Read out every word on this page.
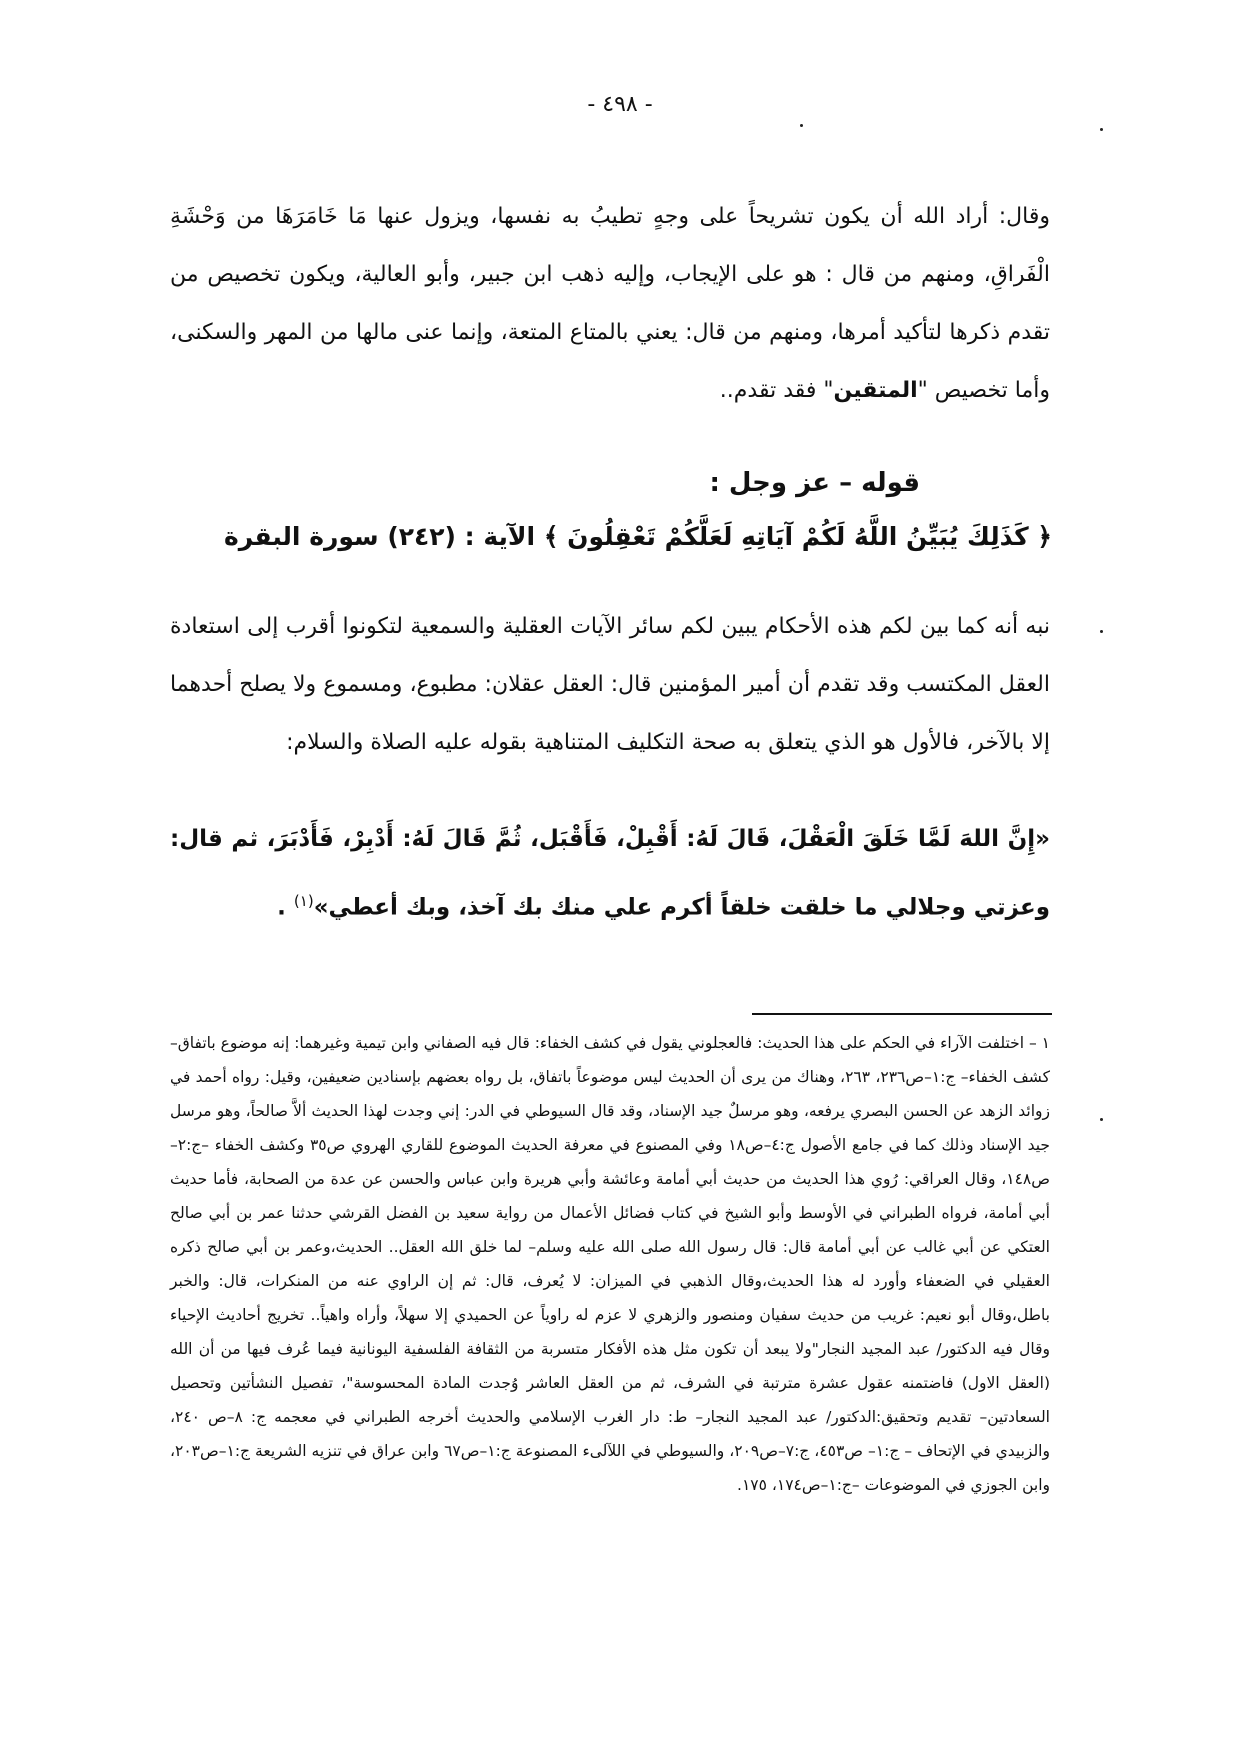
- ٤٩٨ -
وقال: أراد الله أن يكون تشريحاً على وجهٍ تطيبُ به نفسها، ويزول عنها مَا خَامَرَهَا من وَحْشَةِ الْفَراقِ، ومنهم من قال : هو على الإيجاب، وإليه ذهب ابن جبير، وأبو العالية، ويكون تخصيص من تقدم ذكرها لتأكيد أمرها، ومنهم من قال: يعني بالمتاع المتعة، وإنما عنى مالها من المهر والسكنى، وأما تخصيص "المتقين" فقد تقدم..
قوله – عز وجل :
﴿ كَذَلِكَ يُبَيِّنُ اللَّهُ لَكُمْ آيَاتِهِ لَعَلَّكُمْ تَعْقِلُونَ ﴾ الآية : (٢٤٢) سورة البقرة
نبه أنه كما بين لكم هذه الأحكام يبين لكم سائر الآيات العقلية والسمعية لتكونوا أقرب إلى استعادة العقل المكتسب وقد تقدم أن أمير المؤمنين قال: العقل عقلان: مطبوع، ومسموع ولا يصلح أحدهما إلا بالآخر، فالأول هو الذي يتعلق به صحة التكليف المتناهية بقوله عليه الصلاة والسلام:
«إِنَّ اللهَ لَمَّا خَلَقَ الْعَقْلَ، قَالَ لَهُ: أَقْبِلْ، فَأَقْبَل، ثُمَّ قَالَ لَهُ: أَدْبِرْ، فَأَدْبَرَ، ثم قال: وعزتي وجلالي ما خلقت خلقاً أكرم علي منك بك آخذ، وبك أعطي»$^{(١)}$ .
١ – اختلفت الآراء في الحكم على هذا الحديث: فالعجلوني يقول في كشف الخفاء: قال فيه الصفاني وابن تيمية وغيرهما: إنه موضوع باتفاق– كشف الخفاء– ج:١–ص٢٣٦، ٢٦٣، وهناك من يرى أن الحديث ليس موضوعاً باتفاق، بل رواه بعضهم بإسنادين ضعيفين، وقيل: رواه أحمد في زوائد الزهد عن الحسن البصري يرفعه، وهو مرسلٌ جيد الإسناد، وقد قال السيوطي في الدر: إني وجدت لهذا الحديث ألاَّ صالحاً، وهو مرسل جيد الإسناد وذلك كما في جامع الأصول ج:٤–ص١٨ وفي المصنوع في معرفة الحديث الموضوع للقاري الهروي ص٣٥ وكشف الخفاء –ج:٢–ص١٤٨، وقال العراقي: رُوي هذا الحديث من حديث أبي أمامة وعائشة وأبي هريرة وابن عباس والحسن عن عدة من الصحابة، فأما حديث أبي أمامة، فرواه الطبراني في الأوسط وأبو الشيخ في كتاب فضائل الأعمال من رواية سعيد بن الفضل القرشي حدثنا عمر بن أبي صالح العتكي عن أبي غالب عن أبي أمامة قال: قال رسول الله صلى الله عليه وسلم– لما خلق الله العقل.. الحديث،وعمر بن أبي صالح ذكره العقيلي في الضعفاء وأورد له هذا الحديث،وقال الذهبي في الميزان: لا يُعرف، قال: ثم إن الراوي عنه من المنكرات، قال: والخبر باطل،وقال أبو نعيم: غريب من حديث سفيان ومنصور والزهري لا عزم له راوياً عن الحميدي إلا سهلاً، وأراه واهياً.. تخريج أحاديث الإحياء وقال فيه الدكتور/ عبد المجيد النجار"ولا يبعد أن تكون مثل هذه الأفكار متسربة من الثقافة الفلسفية اليونانية فيما عُرف فيها من أن الله (العقل الاول) فاضتمنه عقول عشرة مترتبة في الشرف، ثم من العقل العاشر وُجدت المادة المحسوسة"، تفصيل النشأتين وتحصيل السعادتين– تقديم وتحقيق:الدكتور/ عبد المجيد النجار– ط: دار الغرب الإسلامي والحديث أخرجه الطبراني في معجمه ج: ٨–ص ٢٤٠، والزبيدي في الإتحاف – ج:١– ص٤٥٣، ج:٧–ص٢٠٩، والسيوطي في اللآلىء المصنوعة ج:١–ص٦٧ وابن عراق في تنزيه الشريعة ج:١–ص٢٠٣، وابن الجوزي في الموضوعات –ج:١–ص١٧٤، ١٧٥.
